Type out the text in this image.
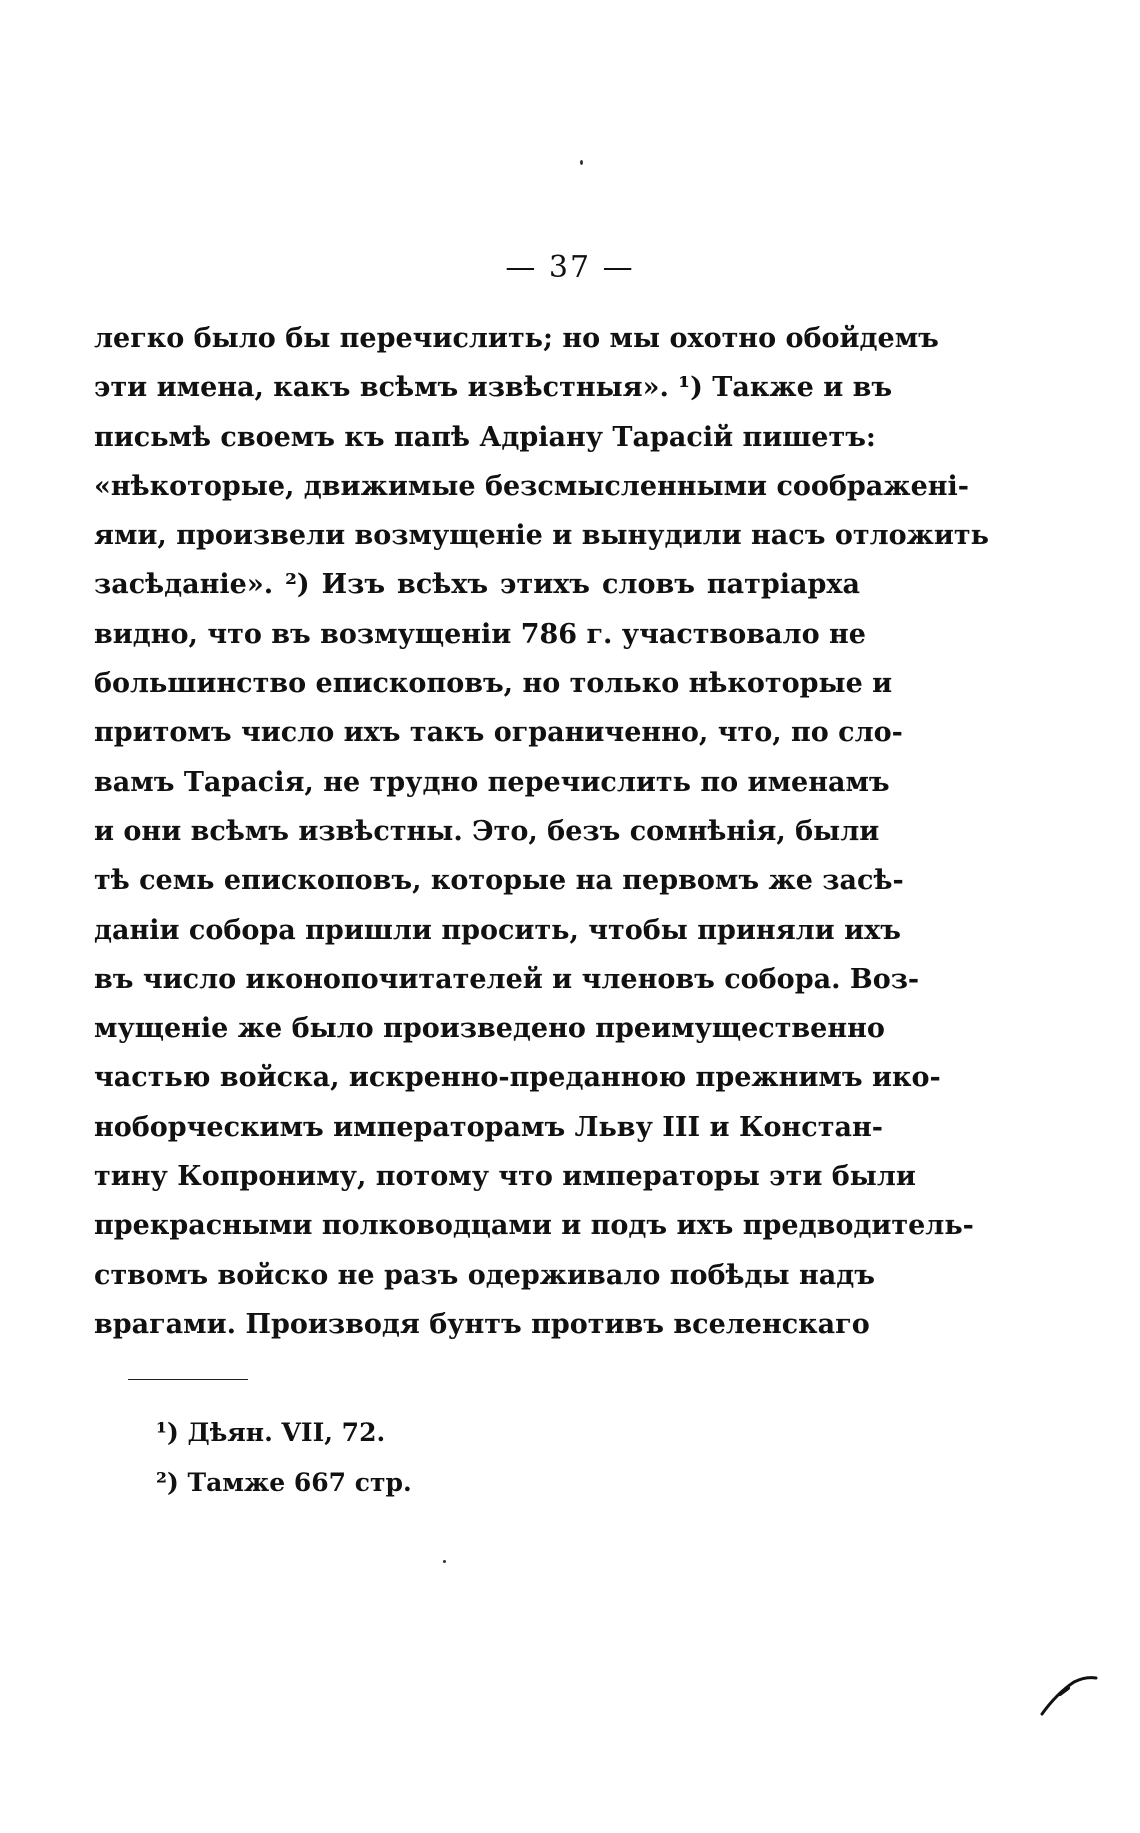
— 37 —
легко было бы перечислить; но мы охотно обойдемъ
эти имена, какъ всѣмъ извѣстныя». ¹) Также и въ
письмѣ своемъ къ папѣ Адріану Тарасій пишетъ:
«нѣкоторые, движимые безсмысленными соображені-
ями, произвели возмущеніе и вынудили насъ отложить
засѣданіе». ²) Изъ всѣхъ этихъ словъ патріарха
видно, что въ возмущеніи 786 г. участвовало не
большинство епископовъ, но только нѣкоторые и
притомъ число ихъ такъ ограниченно, что, по сло-
вамъ Тарасія, не трудно перечислить по именамъ
и они всѣмъ извѣстны. Это, безъ сомнѣнія, были
тѣ семь епископовъ, которые на первомъ же засѣ-
даніи собора пришли просить, чтобы приняли ихъ
въ число иконопочитателей и членовъ собора. Воз-
мущеніе же было произведено преимущественно
частью войска, искренно-преданною прежнимъ ико-
ноборческимъ императорамъ Льву III и Констан-
тину Копрониму, потому что императоры эти были
прекрасными полководцами и подъ ихъ предводитель-
ствомъ войско не разъ одерживало побѣды надъ
врагами. Производя бунтъ противъ вселенскаго
¹) Дѣян. VII, 72.
²) Тамже 667 стр.
